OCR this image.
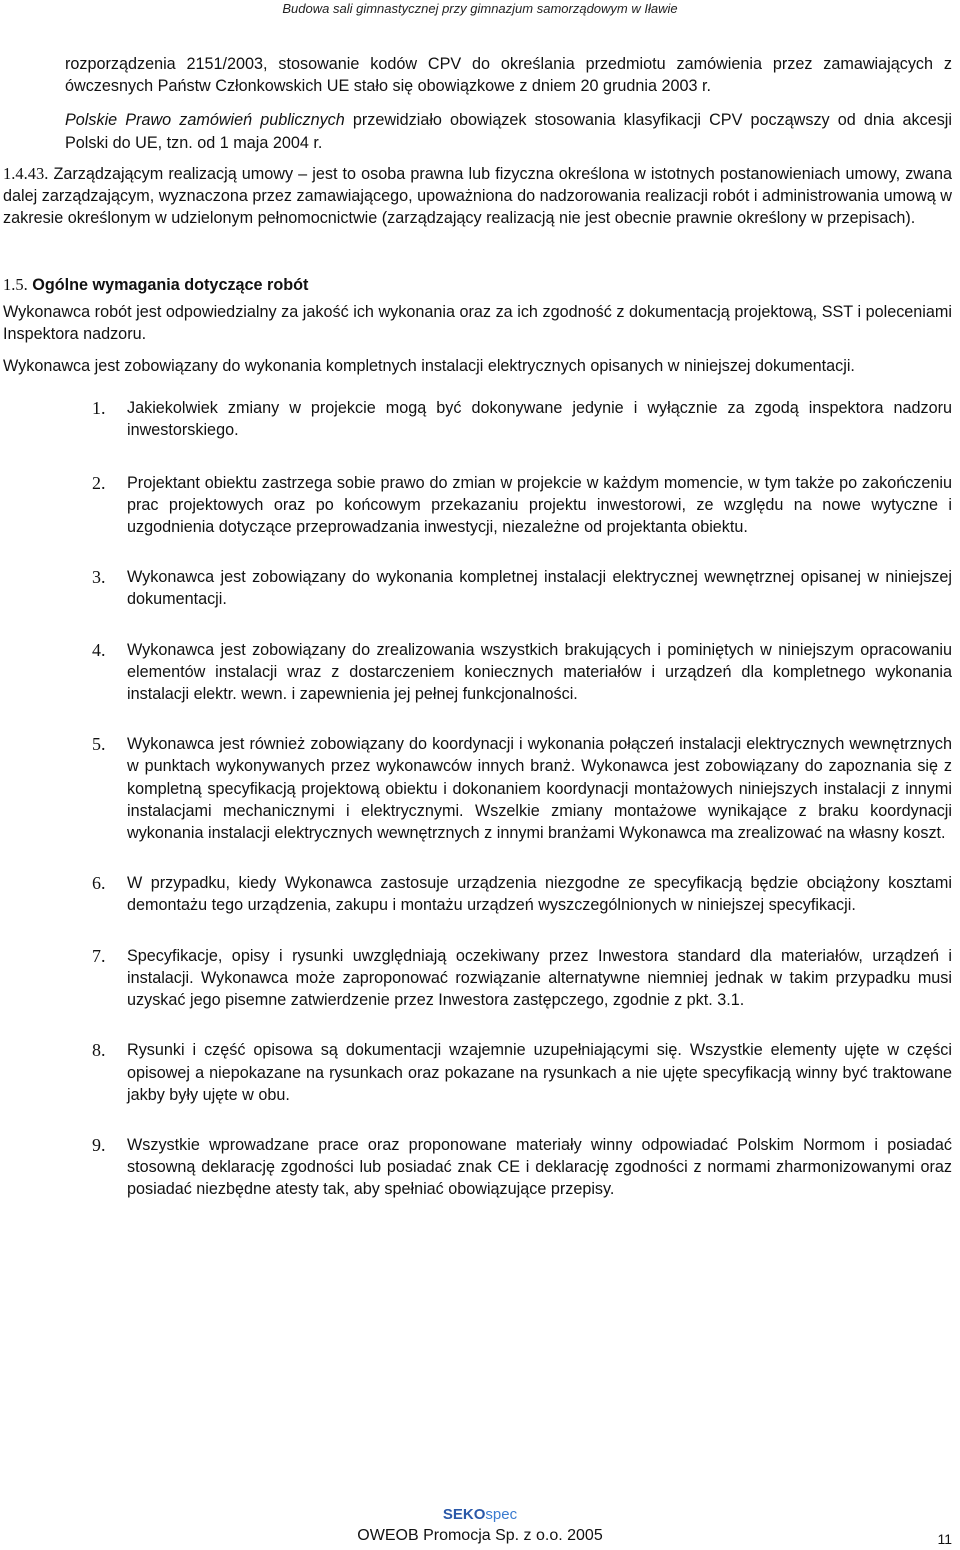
Budowa sali gimnastycznej przy gimnazjum samorządowym w Iławie

rozporządzenia 2151/2003, stosowanie kodów CPV do określania przedmiotu zamówienia przez zamawiających z ówczesnych Państw Członkowskich UE stało się obowiązkowe z dniem 20 grudnia 2003 r.

Polskie Prawo zamówień publicznych przewidziało obowiązek stosowania klasyfikacji CPV począwszy od dnia akcesji Polski do UE, tzn. od 1 maja 2004 r.

1.4.43. Zarządzającym realizacją umowy – jest to osoba prawna lub fizyczna określona w istotnych postanowieniach umowy, zwana dalej zarządzającym, wyznaczona przez zamawiającego, upoważniona do nadzorowania realizacji robót i administrowania umową w zakresie określonym w udzielonym pełnomocnictwie (zarządzający realizacją nie jest obecnie prawnie określony w przepisach).

1.5. Ogólne wymagania dotyczące robót

Wykonawca robót jest odpowiedzialny za jakość ich wykonania oraz za ich zgodność z dokumentacją projektową, SST i poleceniami Inspektora nadzoru.

Wykonawca jest zobowiązany do wykonania kompletnych instalacji elektrycznych opisanych w niniejszej dokumentacji.

1. Jakiekolwiek zmiany w projekcie mogą być dokonywane jedynie i wyłącznie za zgodą inspektora nadzoru inwestorskiego.
2. Projektant obiektu zastrzega sobie prawo do zmian w projekcie w każdym momencie, w tym także po zakończeniu prac projektowych oraz po końcowym przekazaniu projektu inwestorowi, ze względu na nowe wytyczne i uzgodnienia dotyczące przeprowadzania inwestycji, niezależne od projektanta obiektu.
3. Wykonawca jest zobowiązany do wykonania kompletnej instalacji elektrycznej wewnętrznej opisanej w niniejszej dokumentacji.
4. Wykonawca jest zobowiązany do zrealizowania wszystkich brakujących i pominiętych w niniejszym opracowaniu elementów instalacji wraz z dostarczeniem koniecznych materiałów i urządzeń dla kompletnego wykonania instalacji elektr. wewn. i zapewnienia jej pełnej funkcjonalności.
5. Wykonawca jest również zobowiązany do koordynacji i wykonania połączeń instalacji elektrycznych wewnętrznych w punktach wykonywanych przez wykonawców innych branż. Wykonawca jest zobowiązany do zapoznania się z kompletną specyfikacją projektową obiektu i dokonaniem koordynacji montażowych niniejszych instalacji z innymi instalacjami mechanicznymi i elektrycznymi. Wszelkie zmiany montażowe wynikające z braku koordynacji wykonania instalacji elektrycznych wewnętrznych z innymi branżami Wykonawca ma zrealizować na własny koszt.
6. W przypadku, kiedy Wykonawca zastosuje urządzenia niezgodne ze specyfikacją będzie obciążony kosztami demontażu tego urządzenia, zakupu i montażu urządzeń wyszczególnionych w niniejszej specyfikacji.
7. Specyfikacje, opisy i rysunki uwzględniają oczekiwany przez Inwestora standard dla materiałów, urządzeń i instalacji. Wykonawca może zaproponować rozwiązanie alternatywne niemniej jednak w takim przypadku musi uzyskać jego pisemne zatwierdzenie przez Inwestora zastępczego, zgodnie z pkt. 3.1.
8. Rysunki i część opisowa są dokumentacji wzajemnie uzupełniającymi się. Wszystkie elementy ujęte w części opisowej a niepokazane na rysunkach oraz pokazane na rysunkach a nie ujęte specyfikacją winny być traktowane jakby były ujęte w obu.
9. Wszystkie wprowadzane prace oraz proponowane materiały winny odpowiadać Polskim Normom i posiadać stosowną deklarację zgodności lub posiadać znak CE i deklarację zgodności z normami zharmonizowanymi oraz posiadać niezbędne atesty tak, aby spełniać obowiązujące przepisy.
SEKOspec
OWEOB Promocja Sp. z o.o. 2005	11
